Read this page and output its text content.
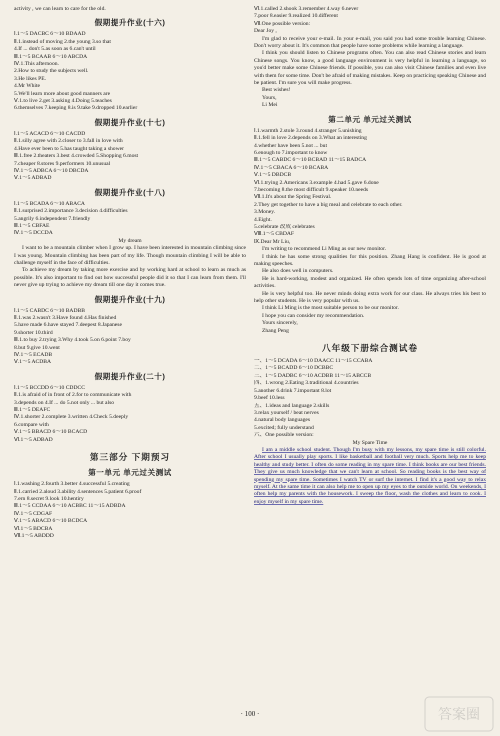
activity , we can learn to care for the old.
假期提升作业(十六)
Ⅰ.1～5 DACBC 6～10 BDAAD
Ⅱ.1.instead of moving 2.the young 3.so that
4.If ... don't 5.as soon as 6.can't until
Ⅲ.1～5 BCAAB 6～10 ABCDA
Ⅳ.1.This afternoon.
2.How to study the subjects well.
3.He likes PE.
4.Mr White
5.We'll learn more about good manners are
Ⅴ.1.to live 2.get 3.asking 4.Doing 5.teaches
6.themselves 7.keeping 8.is 9.take 9.dropped 10.earlier
假期提升作业(十七)
Ⅰ.1～5 ACACD 6～10 CACDD
Ⅱ.1.silly agree with 2.closer to 3.fall in love with
4.Have ever been to 5.has taught taking a shower
Ⅲ.1.free 2.theaters 3.best 4.crowded 5.Shopping 6.most
7.cheaper 8.stores 9.performers 10.unusual
Ⅳ.1～5 ADBCA 6～10 DBCDA
Ⅴ.1～5 ADBAD
假期提升作业(十八)
Ⅰ.1～5 BCADA 6～10 ABACA
Ⅱ.1.surprised 2.importance 3.decision 4.difficulties
5.angrily 6.independent 7.friendly
Ⅲ.1～5 CBFAE
Ⅳ.1～5 DCCDA
My dream
I want to be a mountain climber when I grow up. I have been interested in mountain climbing since I was young. Mountain climbing has been part of my life. Though mountain climbing I will be able to challenge myself in the face of difficulties.
To achieve my dream by taking more exercise and by working hard at school to learn as much as possible. It's also important to find out how successful people did it so that I can learn from them. I'll never give up trying to achieve my dream till one day it comes true.
假期提升作业(十九)
Ⅰ.1～5 CABDC 6～10 BADBB
Ⅱ.1.was 2.wasn't 3.Have found 4.Has finished
5.have made 6.have stayed 7.deepest 8.Japanese
9.shorter 10.third
Ⅲ.1.to buy 2.trying 3.Why 4.took 5.on 6.point 7.boy
8.but 9.give 10.went
Ⅳ.1～5 ECADB
Ⅴ.1～5 ACDBA
假期提升作业(二十)
Ⅰ.1～5 BCCDD 6～10 CDDCC
Ⅱ.1.is afraid of in front of 2.for to communicate with
3.depends on 4.If ... do 5.not only ... but also
Ⅲ.1～5 DEAFC
Ⅳ.1.shorter 2.complete 3.written 4.Check 5.deeply
6.compare with
Ⅴ.1～5 BBACD 6～10 BCACD
Ⅵ.1～5 ADBAD
第三部分 下期预习
第一单元 单元过关测试
Ⅰ.1.washing 2.fourth 3.better 4.successful 5.creating
Ⅱ.1.carried 2.aloud 3.ability 4.sentences 5.patient 6.proof
7.ern 8.secret 9.look 10.hentiry
Ⅲ.1～5 CCDAA 6～10 ACBBC 11～15 ADBDA
Ⅳ.1～5 CDGAF
Ⅴ.1～5 ABACD 6～10 BCDCA
Ⅵ.1～5 BDCBA
Ⅶ.1～5 ABDDD
Ⅵ.1.called 2.shook 3.remember 4.way 6.never
7.poor 8.easier 9.realized 10.different
Ⅶ.One possible version:
Dear Joy ,
I'm glad to receive your e-mail. In your e-mail, you said you had some trouble learning Chinese. Don't worry about it. It's common that people have some problems while learning a language.
I think you should listen to Chinese programs often. You can also read Chinese stories and learn Chinese songs. You know, a good language environment is very helpful in learning a language, so you'd better make some Chinese friends. If possible, you can also visit Chinese families and even live with them for some time. Don't be afraid of making mistakes. Keep on practicing speaking Chinese and be patient. I'm sure you will make progress.
Best wishes!
Yours,
Li Mei
第二单元 单元过关测试
Ⅰ.1.warmth 2.stole 3.round 4.stranger 5.unishing
Ⅱ.1.fell in love 2.depends on 3.What an interesting
4.whether have been 5.not ... but
6.enough to 7.important to know
Ⅲ.1～5 CABDC 6～10 BCBAD 11～15 BADCA
Ⅳ.1～5 CBACA 6～10 BCABA
Ⅴ.1～5 DBDCB
Ⅵ.1.trying 2.Americans 3.example 4.had 5.gave 6.done
7.becoming 8.the most difficult 9.speaker 10.needs
Ⅶ.1.It's about the Spring Festival.
2.They get together to have a big meal and celebrate to each other.
3.Money.
4.Eight.
5.celebrate 改成 celebrates
Ⅷ.1～5 CBDAF
Ⅸ.Dear Mr Liu,
I'm writing to recommend Li Ming as our new monitor.
I think he has some strong qualities for this position. Zhang Hang is confident. He is good at making speeches.
He also does well in computers.
He is hard-working, modest and organized. He often spends lots of time organizing after-school activities.
He is very helpful too. He never minds doing extra work for our class. He always tries his best to help other students. He is very popular with us.
I think Li Ming is the most suitable person to be our monitor.
I hope you can consider my recommendation.
Yours sincerely,
Zhang Peng
八年级下册综合测试卷
一、1～5 DCADA 6～10 DAACC 11～15 CCABA
二、1～5 BCADD 6～10 DCBBC
三、1～5 DADBC 6～10 ACDBB 11～15 ABCCB
四、1.wrong 2.Eating 3.traditional 4.countries
5.another 6.drink 7.important 8.lot
9.beef 10.less
五、1.ideas and language 2.skills
3.relax yourself / beat nerves
4.natural body languages
5.excited; fully understand
六、One possible version:
My Spare Time
I am a middle school student. Though I'm busy with my lessons, my spare time is still colorful. After school I usually play sports. I like basketball and football very much. Sports help me to keep healthy and study better. I often do some reading in my spare time. I think books are our best friends. They give us much knowledge that we can't learn at school. So reading books is the best way of spending my spare time. Sometimes I watch TV or surf the internet. I find it's a good way to relax myself. At the same time it can also help me to open up my eyes to the outside world. On weekends, I often help my parents with the housework. I sweep the floor, wash the clothes and learn to cook. I enjoy myself in my spare time.
· 100 ·	答案圈
